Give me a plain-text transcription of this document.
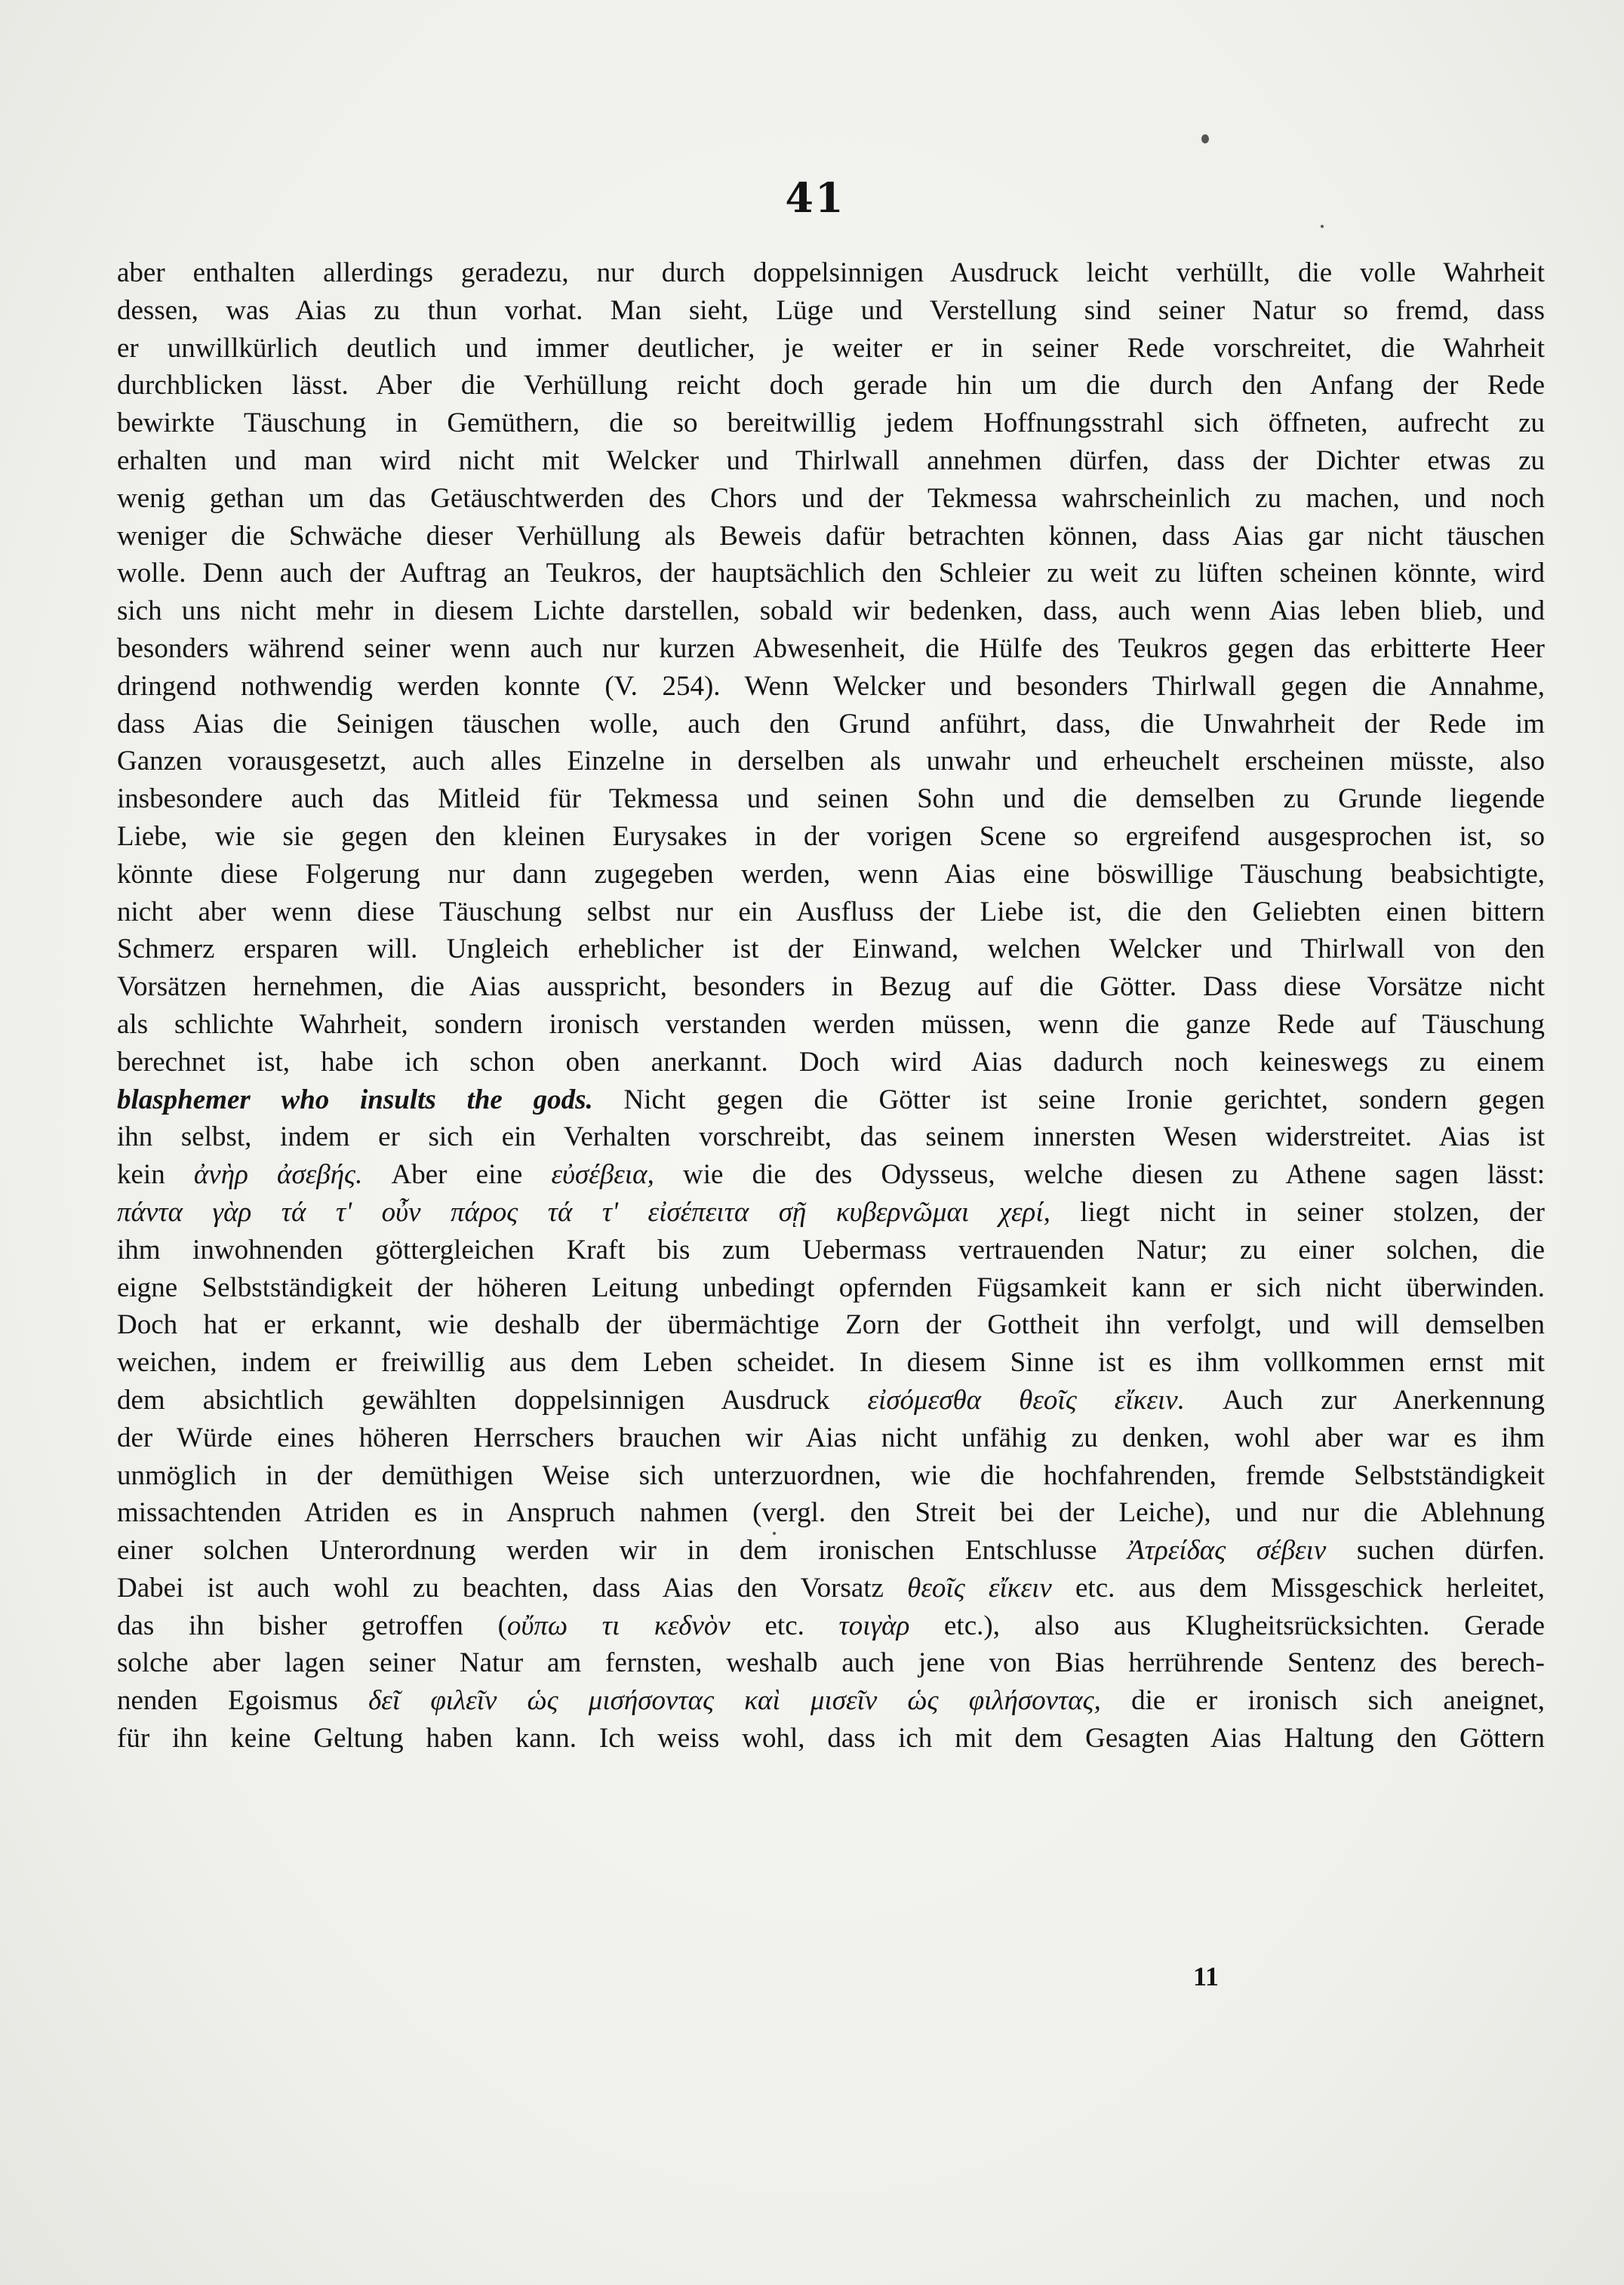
41
aber enthalten allerdings geradezu, nur durch doppelsinnigen Ausdruck leicht verhüllt, die volle Wahrheit
dessen, was Aias zu thun vorhat. Man sieht, Lüge und Verstellung sind seiner Natur so fremd, dass
er unwillkürlich deutlich und immer deutlicher, je weiter er in seiner Rede vorschreitet, die Wahrheit
durchblicken lässt. Aber die Verhüllung reicht doch gerade hin um die durch den Anfang der Rede
bewirkte Täuschung in Gemüthern, die so bereitwillig jedem Hoffnungsstrahl sich öffneten, aufrecht zu
erhalten und man wird nicht mit Welcker und Thirlwall annehmen dürfen, dass der Dichter etwas zu
wenig gethan um das Getäuschtwerden des Chors und der Tekmessa wahrscheinlich zu machen, und noch
weniger die Schwäche dieser Verhüllung als Beweis dafür betrachten können, dass Aias gar nicht täuschen
wolle. Denn auch der Auftrag an Teukros, der hauptsächlich den Schleier zu weit zu lüften scheinen könnte, wird
sich uns nicht mehr in diesem Lichte darstellen, sobald wir bedenken, dass, auch wenn Aias leben blieb, und
besonders während seiner wenn auch nur kurzen Abwesenheit, die Hülfe des Teukros gegen das erbitterte Heer
dringend nothwendig werden konnte (V. 254). Wenn Welcker und besonders Thirlwall gegen die Annahme,
dass Aias die Seinigen täuschen wolle, auch den Grund anführt, dass, die Unwahrheit der Rede im
Ganzen vorausgesetzt, auch alles Einzelne in derselben als unwahr und erheuchelt erscheinen müsste, also
insbesondere auch das Mitleid für Tekmessa und seinen Sohn und die demselben zu Grunde liegende
Liebe, wie sie gegen den kleinen Eurysakes in der vorigen Scene so ergreifend ausgesprochen ist, so
könnte diese Folgerung nur dann zugegeben werden, wenn Aias eine böswillige Täuschung beabsichtigte,
nicht aber wenn diese Täuschung selbst nur ein Ausfluss der Liebe ist, die den Geliebten einen bittern
Schmerz ersparen will. Ungleich erheblicher ist der Einwand, welchen Welcker und Thirlwall von den
Vorsätzen hernehmen, die Aias ausspricht, besonders in Bezug auf die Götter. Dass diese Vorsätze nicht
als schlichte Wahrheit, sondern ironisch verstanden werden müssen, wenn die ganze Rede auf Täuschung
berechnet ist, habe ich schon oben anerkannt. Doch wird Aias dadurch noch keineswegs zu einem
blasphemer who insults the gods. Nicht gegen die Götter ist seine Ironie gerichtet, sondern gegen
ihn selbst, indem er sich ein Verhalten vorschreibt, das seinem innersten Wesen widerstreitet. Aias ist
kein ἀνὴρ ἀσεβής. Aber eine εὐσέβεια, wie die des Odysseus, welche diesen zu Athene sagen lässt:
πάντα γὰρ τά τ' οὖν πάρος τά τ' εἰσέπειτα σῇ κυβερνῶμαι χερί, liegt nicht in seiner stolzen, der
ihm inwohnenden göttergleichen Kraft bis zum Uebermass vertrauenden Natur; zu einer solchen, die
eigne Selbstständigkeit der höheren Leitung unbedingt opfernden Fügsamkeit kann er sich nicht überwinden.
Doch hat er erkannt, wie deshalb der übermächtige Zorn der Gottheit ihn verfolgt, und will demselben
weichen, indem er freiwillig aus dem Leben scheidet. In diesem Sinne ist es ihm vollkommen ernst mit
dem absichtlich gewählten doppelsinnigen Ausdruck εἰσόμεσθα θεοῖς εἴκειν. Auch zur Anerkennung
der Würde eines höheren Herrschers brauchen wir Aias nicht unfähig zu denken, wohl aber war es ihm
unmöglich in der demüthigen Weise sich unterzuordnen, wie die hochfahrenden, fremde Selbstständigkeit
missachtenden Atriden es in Anspruch nahmen (vergl. den Streit bei der Leiche), und nur die Ablehnung
einer solchen Unterordnung werden wir in dem ironischen Entschlusse Ἀτρείδας σέβειν suchen dürfen.
Dabei ist auch wohl zu beachten, dass Aias den Vorsatz θεοῖς εἴκειν etc. aus dem Missgeschick herleitet,
das ihn bisher getroffen (οὔπω τι κεδνὸν etc. τοιγὰρ etc.), also aus Klugheitsrücksichten. Gerade
solche aber lagen seiner Natur am fernsten, weshalb auch jene von Bias herrührende Sentenz des berech-
nenden Egoismus δεῖ φιλεῖν ὡς μισήσοντας καὶ μισεῖν ὡς φιλήσοντας, die er ironisch sich aneignet,
für ihn keine Geltung haben kann. Ich weiss wohl, dass ich mit dem Gesagten Aias Haltung den Göttern
11
